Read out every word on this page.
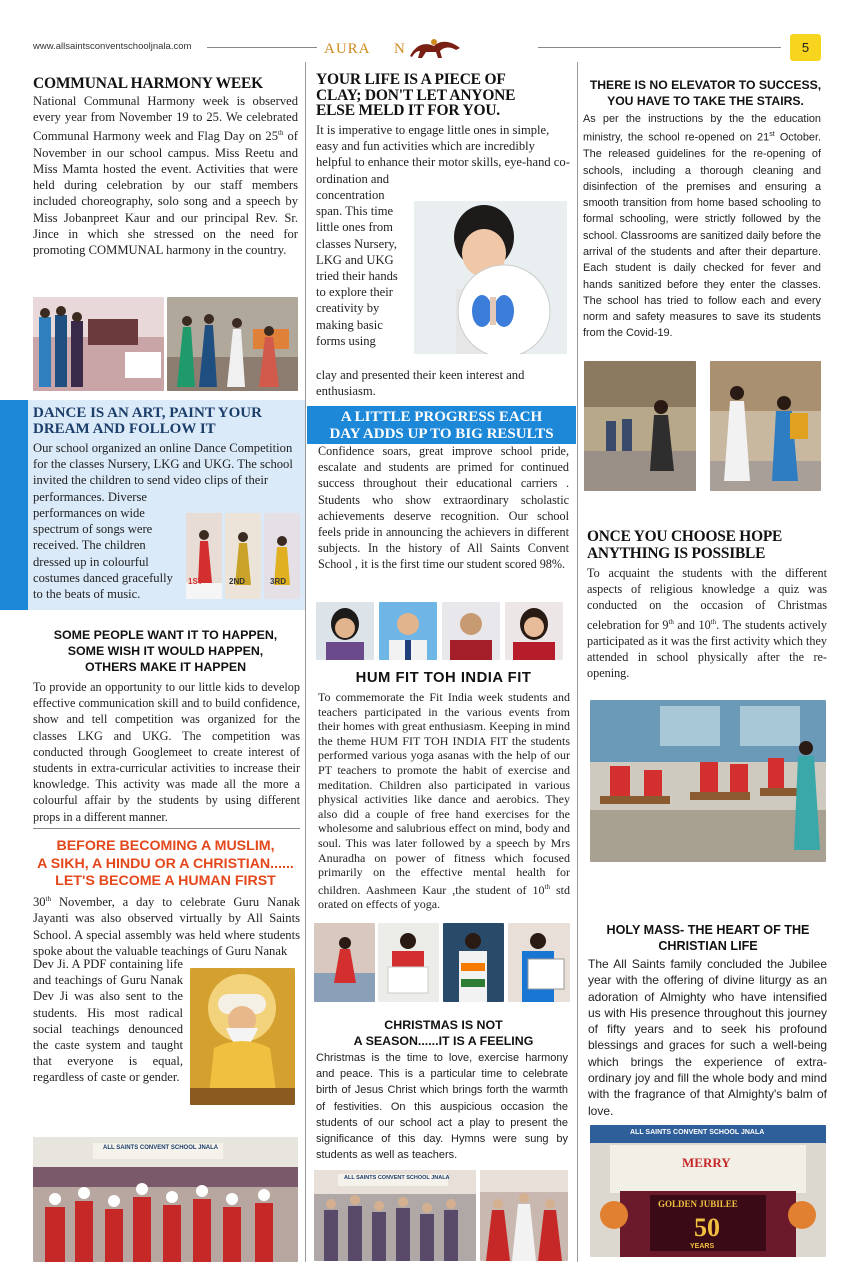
www.allsaintsconventschooljnala.com	AURA N	5
COMMUNAL HARMONY WEEK
National Communal Harmony week is observed every year from November 19 to 25. We celebrated Communal Harmony week and Flag Day on 25th of November in our school campus. Miss Reetu and Miss Mamta hosted the event. Activities that were held during celebration by our staff members included choreography, solo song and a speech by Miss Jobanpreet Kaur and our principal Rev. Sr. Jince in which she stressed on the need for promoting COMMUNAL harmony in the country.
DANCE IS AN ART, PAINT YOUR
DREAM AND FOLLOW IT
Our school organized an online Dance Competition for the classes Nursery, LKG and UKG. The school invited the children to send video clips of their performances. Diverse
performances on wide spectrum of songs were received. The children dressed up in colourful costumes danced gracefully to the beats of music.
1ST	2ND	3RD
SOME PEOPLE WANT IT TO HAPPEN,
SOME WISH IT WOULD HAPPEN,
OTHERS MAKE IT HAPPEN
To provide an opportunity to our little kids to develop effective communication skill and to build confidence, show and tell competition was organized for the classes LKG and UKG. The competition was conducted through Googlemeet to create interest of students in extra-curricular activities to increase their knowledge. This activity was made all the more a colourful affair by the students by using different props in a different manner.
BEFORE BECOMING A MUSLIM,
A SIKH, A HINDU OR A CHRISTIAN......
LET'S BECOME A HUMAN FIRST
30th November, a day to celebrate Guru Nanak Jayanti was also observed virtually by All Saints School. A special assembly was held where students spoke about the valuable teachings of Guru Nanak
Dev Ji. A PDF containing life and teachings of Guru Nanak Dev Ji was also sent to the students. His most radical social teachings denounced the caste system and taught that everyone is equal, regardless of caste or gender.
ALL SAINTS CONVENT SCHOOL JNALA
YOUR LIFE IS A PIECE OF
CLAY; DON'T LET ANYONE
ELSE MELD IT FOR YOU.
It is imperative to engage little ones in simple, easy and fun activities which are incredibly helpful to enhance their motor skills, eye-hand co- ordination and
concentration span. This time little ones from classes Nursery, LKG and UKG tried their hands to explore their creativity by making basic forms using
clay and presented their keen interest and enthusiasm.
A LITTLE PROGRESS EACH
DAY ADDS UP TO BIG RESULTS
Confidence soars, great improve school pride, escalate and students are primed for continued success throughout their educational carriers . Students who show extraordinary scholastic achievements deserve recognition. Our school feels pride in announcing the achievers in different subjects. In the history of All Saints Convent School , it is the first time our student scored 98%.
HUM FIT TOH INDIA FIT
To commemorate the Fit India week students and teachers participated in the various events from their homes with great enthusiasm. Keeping in mind the theme HUM FIT TOH INDIA FIT the students performed various yoga asanas with the help of our PT teachers to promote the habit of exercise and meditation. Children also participated in various physical activities like dance and aerobics. They also did a couple of free hand exercises for the wholesome and salubrious effect on mind, body and soul. This was later followed by a speech by Mrs Anuradha on power of fitness which focused primarily on the effective mental health for children. Aashmeen Kaur ,the student of 10th std orated on effects of yoga.
CHRISTMAS IS NOT
A SEASON......IT IS A FEELING
Christmas is the time to love, exercise harmony and peace. This is a particular time to celebrate birth of Jesus Christ which brings forth the warmth of festivities. On this auspicious occasion the students of our school act a play to present the significance of this day. Hymns were sung by students as well as teachers.
ALL SAINTS CONVENT SCHOOL JNALA
THERE IS NO ELEVATOR TO SUCCESS,
YOU HAVE TO TAKE THE STAIRS.
As per the instructions by the the education ministry, the school re-opened on 21st October. The released guidelines for the re-opening of schools, including a thorough cleaning and disinfection of the premises and ensuring a smooth transition from home based schooling to formal schooling, were strictly followed by the school. Classrooms are sanitized daily before the arrival of the students and after their departure. Each student is daily checked for fever and hands sanitized before they enter the classes. The school has tried to follow each and every norm and safety measures to save its students from the Covid-19.
ONCE YOU CHOOSE HOPE
ANYTHING IS POSSIBLE
To acquaint the students with the different aspects of religious knowledge a quiz was conducted on the occasion of Christmas celebration for 9th and 10th. The students actively participated as it was the first activity which they attended in school physically after the re-opening.
HOLY MASS- THE HEART OF THE
CHRISTIAN LIFE
The All Saints family concluded the Jubilee year with the offering of divine liturgy as an adoration of Almighty who have intensified us with His presence throughout this journey of fifty years and to seek his profound blessings and graces for such a well-being which brings the experience of extra-ordinary joy and fill the whole body and mind with the fragrance of that Almighty's balm of love.
ALL SAINTS CONVENT SCHOOL JNALA
MERRY
GOLDEN JUBILEE
50
YEARS
